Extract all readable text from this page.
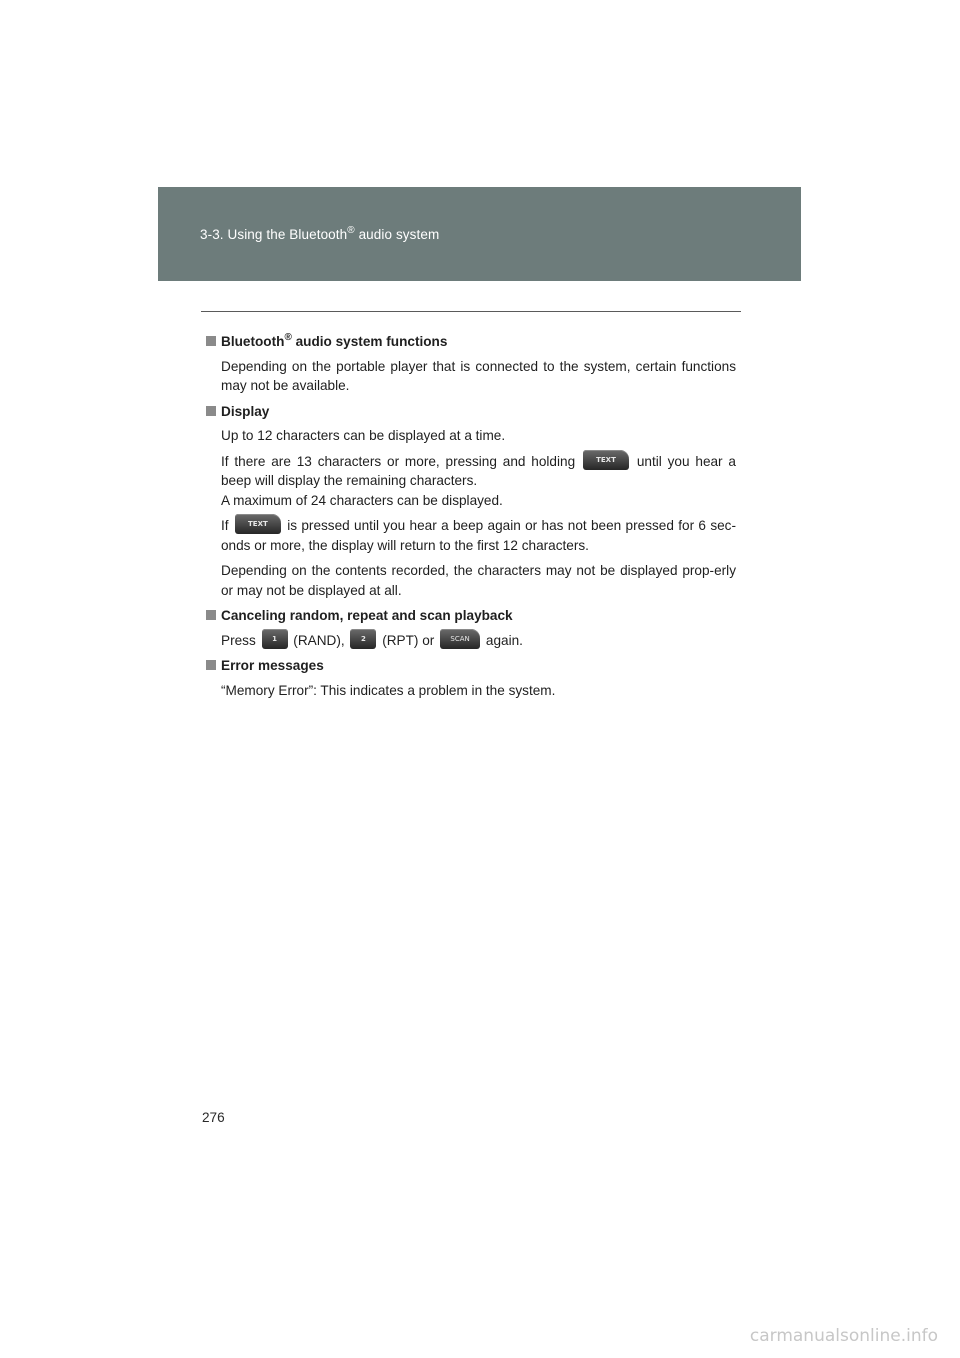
3-3. Using the Bluetooth® audio system
Bluetooth® audio system functions

Depending on the portable player that is connected to the system, certain functions may not be available.

Display

Up to 12 characters can be displayed at a time.

If there are 13 characters or more, pressing and holding TEXT until you hear a beep will display the remaining characters.

A maximum of 24 characters can be displayed.

If TEXT is pressed until you hear a beep again or has not been pressed for 6 sec-onds or more, the display will return to the first 12 characters.

Depending on the contents recorded, the characters may not be displayed prop-erly or may not be displayed at all.

Canceling random, repeat and scan playback

Press 1 (RAND), 2 (RPT) or SCAN again.

Error messages

“Memory Error”: This indicates a problem in the system.

276
carmanualsonline.info
